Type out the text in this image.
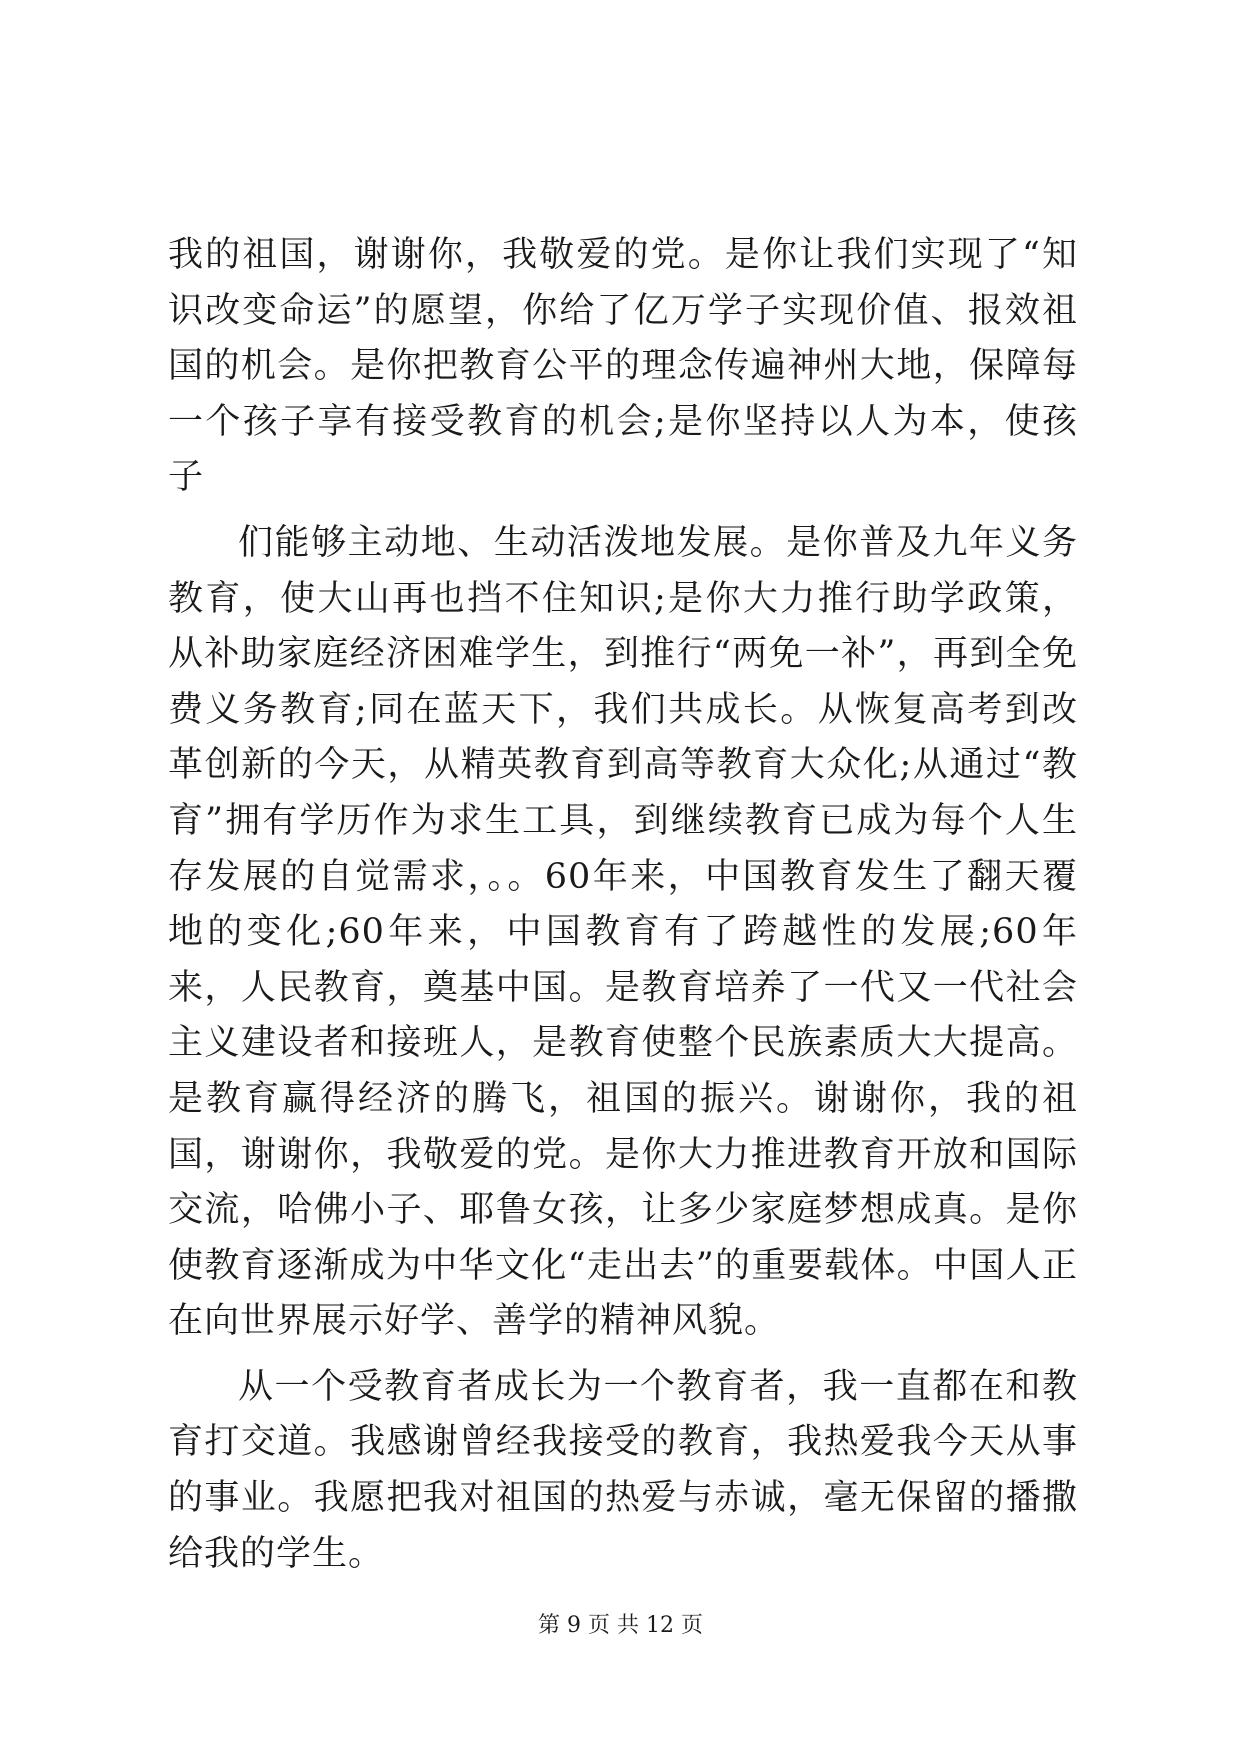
我的祖国，谢谢你，我敬爱的党。是你让我们实现了“知识改变命运”的愿望，你给了亿万学子实现价值、报效祖国的机会。是你把教育公平的理念传遍神州大地，保障每一个孩子享有接受教育的机会;是你坚持以人为本，使孩子

们能够主动地、生动活泼地发展。是你普及九年义务教育，使大山再也挡不住知识;是你大力推行助学政策，从补助家庭经济困难学生，到推行“两免一补”，再到全免费义务教育;同在蓝天下，我们共成长。从恢复高考到改革创新的今天，从精英教育到高等教育大众化;从通过“教育”拥有学历作为求生工具，到继续教育已成为每个人生存发展的自觉需求，。。60年来，中国教育发生了翻天覆地的变化;60年来，中国教育有了跨越性的发展;60年来，人民教育，奠基中国。是教育培养了一代又一代社会主义建设者和接班人，是教育使整个民族素质大大提高。是教育赢得经济的腾飞，祖国的振兴。谢谢你，我的祖国，谢谢你，我敬爱的党。是你大力推进教育开放和国际交流，哈佛小子、耶鲁女孩，让多少家庭梦想成真。是你使教育逐渐成为中华文化“走出去”的重要载体。中国人正在向世界展示好学、善学的精神风貌。

从一个受教育者成长为一个教育者，我一直都在和教育打交道。我感谢曾经我接受的教育，我热爱我今天从事的事业。我愿把我对祖国的热爱与赤诚，毫无保留的播撒给我的学生。

第 9 页 共 12 页
